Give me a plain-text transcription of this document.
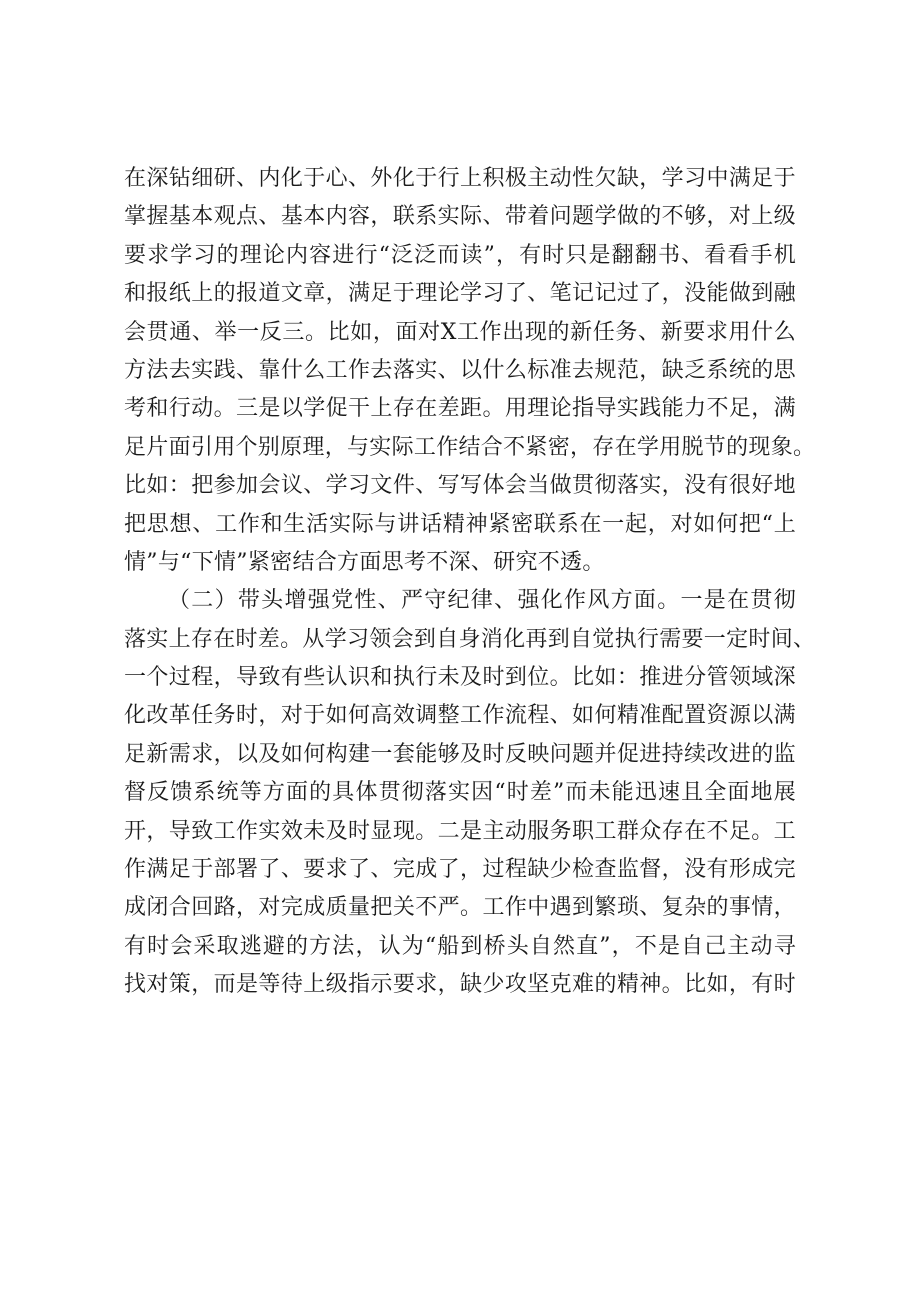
在深钻细研、内化于心、外化于行上积极主动性欠缺，学习中满足于
掌握基本观点、基本内容，联系实际、带着问题学做的不够，对上级
要求学习的理论内容进行“泛泛而读”，有时只是翻翻书、看看手机
和报纸上的报道文章，满足于理论学习了、笔记记过了，没能做到融
会贯通、举一反三。比如，面对X工作出现的新任务、新要求用什么
方法去实践、靠什么工作去落实、以什么标准去规范，缺乏系统的思
考和行动。三是以学促干上存在差距。用理论指导实践能力不足，满
足片面引用个别原理，与实际工作结合不紧密，存在学用脱节的现象。
比如：把参加会议、学习文件、写写体会当做贯彻落实，没有很好地
把思想、工作和生活实际与讲话精神紧密联系在一起，对如何把“上
情”与“下情”紧密结合方面思考不深、研究不透。
（二）带头增强党性、严守纪律、强化作风方面。一是在贯彻
落实上存在时差。从学习领会到自身消化再到自觉执行需要一定时间、
一个过程，导致有些认识和执行未及时到位。比如：推进分管领域深
化改革任务时，对于如何高效调整工作流程、如何精准配置资源以满
足新需求，以及如何构建一套能够及时反映问题并促进持续改进的监
督反馈系统等方面的具体贯彻落实因“时差”而未能迅速且全面地展
开，导致工作实效未及时显现。二是主动服务职工群众存在不足。工
作满足于部署了、要求了、完成了，过程缺少检查监督，没有形成完
成闭合回路，对完成质量把关不严。工作中遇到繁琐、复杂的事情，
有时会采取逃避的方法，认为“船到桥头自然直”，不是自己主动寻
找对策，而是等待上级指示要求，缺少攻坚克难的精神。比如，有时
